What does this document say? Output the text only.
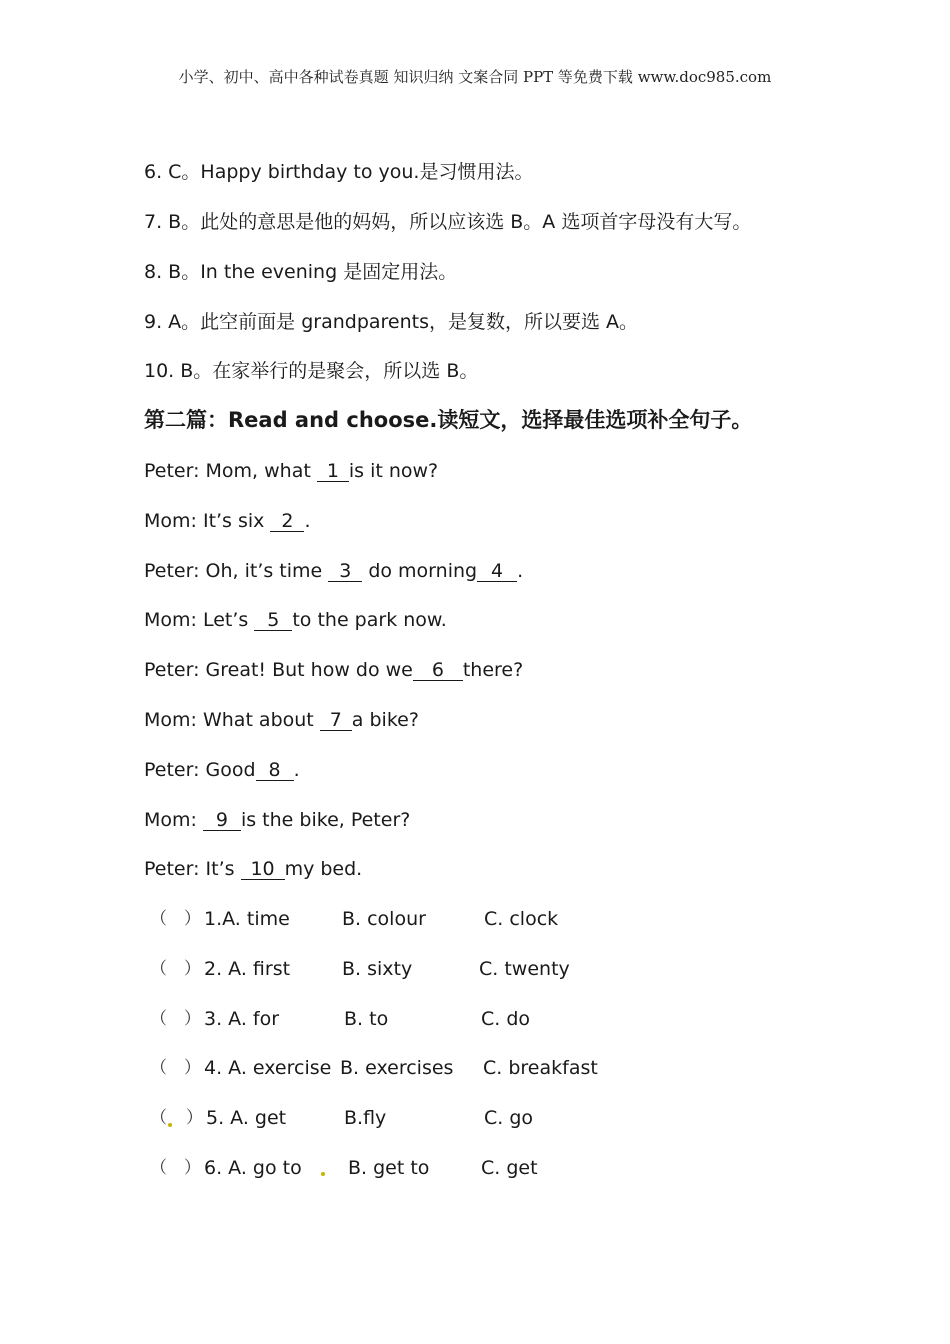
小学、初中、高中各种试卷真题 知识归纳 文案合同 PPT 等免费下载 www.doc985.com
6. C。Happy birthday to you.是习惯用法。
7. B。此处的意思是他的妈妈，所以应该选 B。A 选项首字母没有大写。
8. B。In the evening 是固定用法。
9. A。此空前面是 grandparents，是复数，所以要选 A。
10. B。在家举行的是聚会，所以选 B。
第二篇：Read and choose.读短文，选择最佳选项补全句子。
Peter: Mom, what 1 is it now?
Mom: It’s six 2 .
Peter: Oh, it’s time 3 do morning 4 .
Mom: Let’s 5 to the park now.
Peter: Great! But how do we 6 there?
Mom: What about 7 a bike?
Peter: Good 8 .
Mom: 9 is the bike, Peter?
Peter: It’s 10 my bed.
（ ） 1.A. time	B. colour	C. clock
（ ） 2. A. first	B. sixty	C. twenty
（ ） 3. A. for	B. to	C. do
（ ） 4. A. exercise B. exercises C. breakfast
（ ） 5. A. get	B.fly	C. go
（ ） 6. A. go to B. get to	C. get
